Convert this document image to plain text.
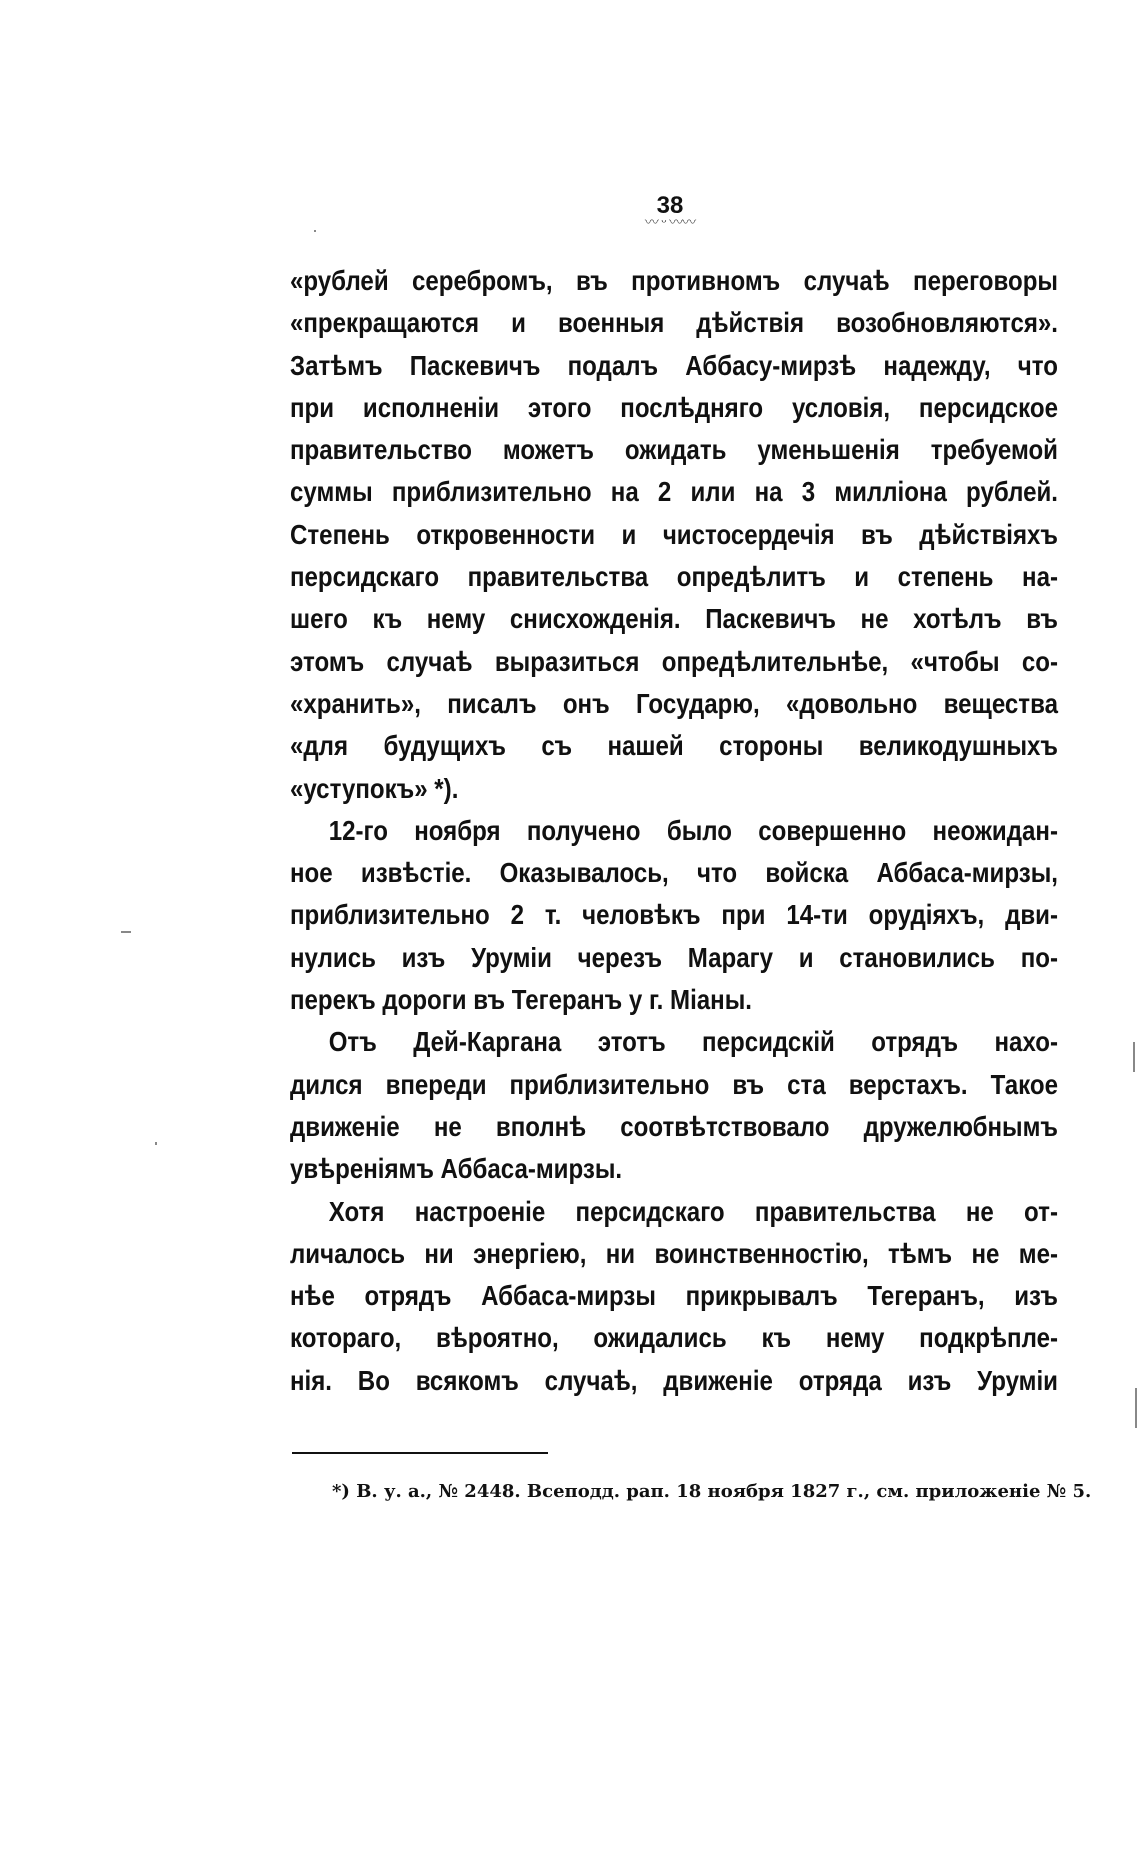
38
〰 ᵕ 〰〰
«рублей серебромъ, въ противномъ случаѣ переговоры
«прекращаются и военныя дѣйствія возобновляются».
Затѣмъ Паскевичъ подалъ Аббасу-мирзѣ надежду, что
при исполненіи этого послѣдняго условія, персидское
правительство можетъ ожидать уменьшенія требуемой
суммы приблизительно на 2 или на 3 милліона рублей.
Степень откровенности и чистосердечія въ дѣйствіяхъ
персидскаго правительства опредѣлитъ и степень на-
шего къ нему снисхожденія. Паскевичъ не хотѣлъ въ
этомъ случаѣ выразиться опредѣлительнѣе, «чтобы со-
«хранить», писалъ онъ Государю, «довольно вещества
«для будущихъ съ нашей стороны великодушныхъ
«уступокъ» *).
12-го ноября получено было совершенно неожидан-
ное извѣстіе. Оказывалось, что войска Аббаса-мирзы,
приблизительно 2 т. человѣкъ при 14-ти орудіяхъ, дви-
нулись изъ Урумiи черезъ Марагу и становились по-
перекъ дороги въ Тегеранъ у г. Міаны.
Отъ Дей-Каргана этотъ персидскій отрядъ нахо-
дился впереди приблизительно въ ста верстахъ. Такое
движеніе не вполнѣ соотвѣтствовало дружелюбнымъ
увѣреніямъ Аббаса-мирзы.
Хотя настроеніе персидскаго правительства не от-
личалось ни энергіею, ни воинственностію, тѣмъ не ме-
нѣе отрядъ Аббаса-мирзы прикрывалъ Тегеранъ, изъ
котораго, вѣроятно, ожидались къ нему подкрѣпле-
нія. Во всякомъ случаѣ, движеніе отряда изъ Урумiи
*) В. у. а., № 2448. Всеподд. рап. 18 ноября 1827 г., см. приложеніе № 5.
